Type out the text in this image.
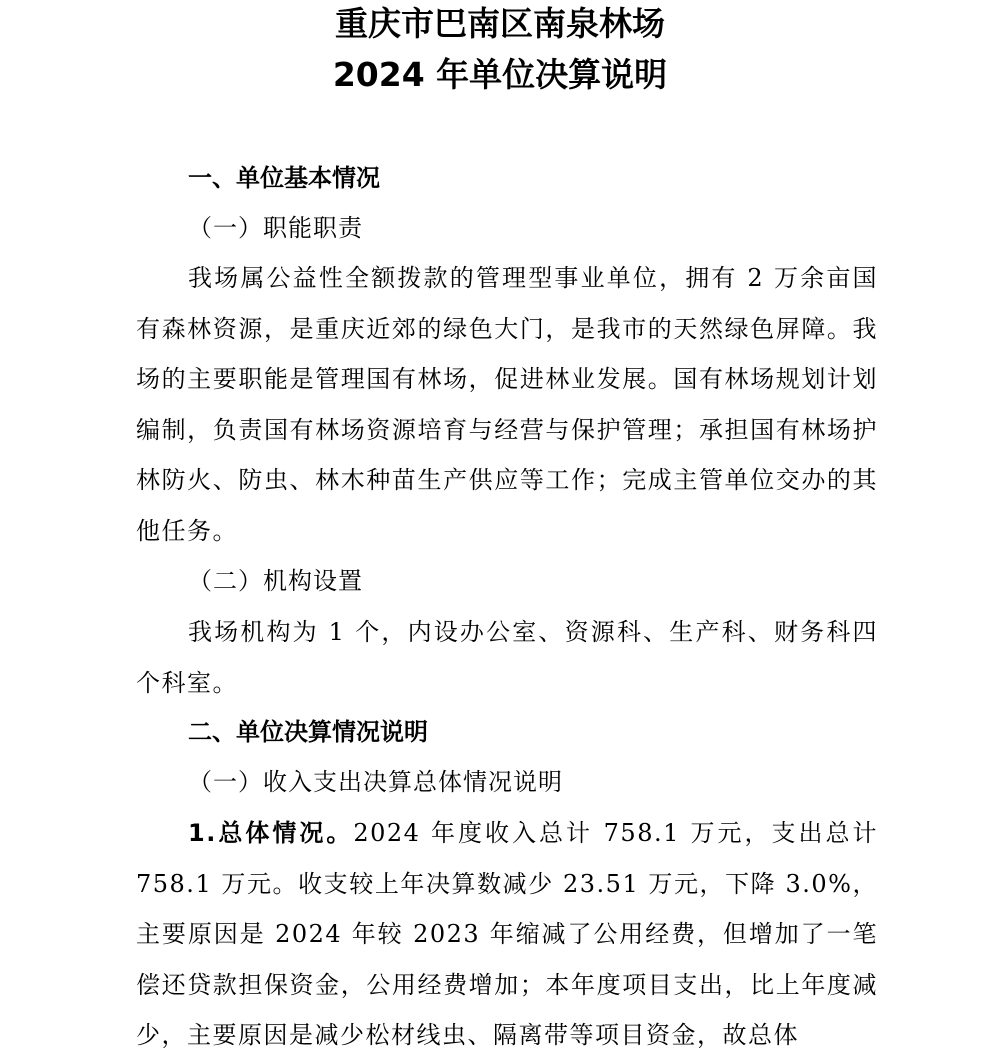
重庆市巴南区南泉林场
2024 年单位决算说明
一、单位基本情况
（一）职能职责

我场属公益性全额拨款的管理型事业单位，拥有 2 万余亩国有森林资源，是重庆近郊的绿色大门，是我市的天然绿色屏障。我场的主要职能是管理国有林场，促进林业发展。国有林场规划计划编制，负责国有林场资源培育与经营与保护管理；承担国有林场护林防火、防虫、林木种苗生产供应等工作；完成主管单位交办的其他任务。

（二）机构设置

我场机构为 1 个，内设办公室、资源科、生产科、财务科四个科室。

二、单位决算情况说明
（一）收入支出决算总体情况说明

1.总体情况。2024 年度收入总计 758.1 万元，支出总计 758.1 万元。收支较上年决算数减少 23.51 万元，下降 3.0%，主要原因是 2024 年较 2023 年缩减了公用经费，但增加了一笔偿还贷款担保资金，公用经费增加；本年度项目支出，比上年度减少，主要原因是减少松材线虫、隔离带等项目资金，故总体
